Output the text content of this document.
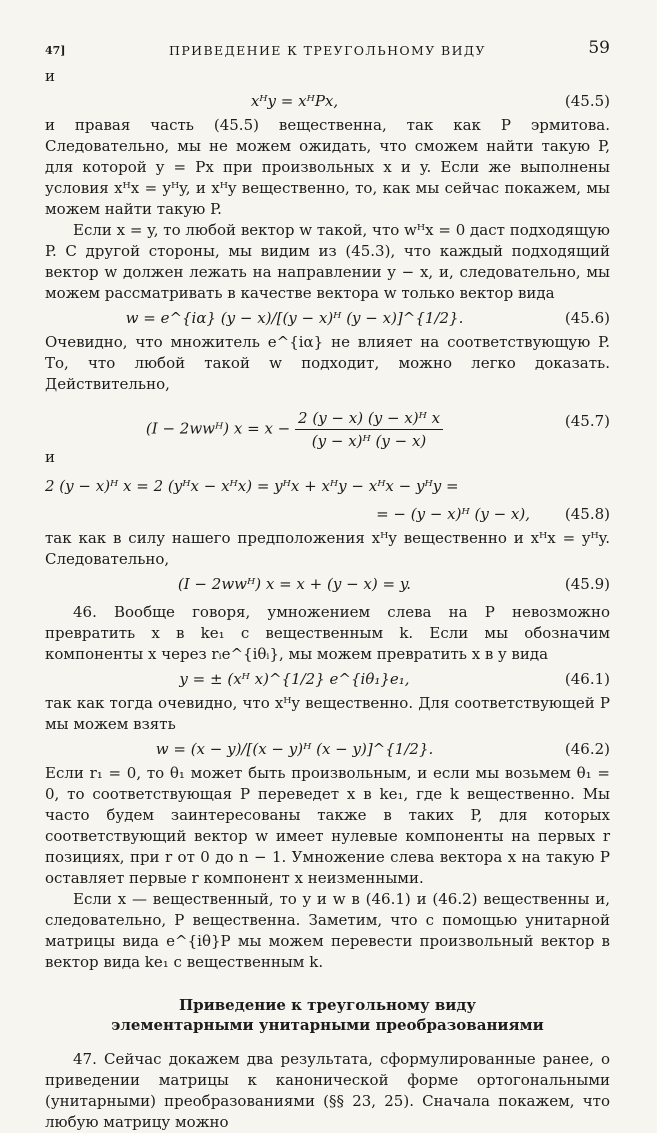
47]	ПРИВЕДЕНИЕ К ТРЕУГОЛЬНОМУ ВИДУ	59

и

xᴴy = xᴴPx,	(45.5)

и правая часть (45.5) вещественна, так как P эрмитова. Следовательно, мы не можем ожидать, что сможем найти такую P, для которой y = Px при произвольных x и y. Если же выполнены условия xᴴx = yᴴy, и xᴴy вещественно, то, как мы сейчас покажем, мы можем найти такую P.

Если x = y, то любой вектор w такой, что wᴴx = 0 даст подходящую P. С другой стороны, мы видим из (45.3), что каждый подходящий вектор w должен лежать на направлении y − x, и, следовательно, мы можем рассматривать в качестве вектора w только вектор вида

w = e^{iα} (y − x)/[(y − x)ᴴ (y − x)]^{1/2}.	(45.6)

Очевидно, что множитель e^{iα} не влияет на соответствующую P. То, что любой такой w подходит, можно легко доказать. Действительно,

(I − 2wwᴴ) $x = x - \frac{\text{2 (y − x) (y − x)ᴴ x}}{\text{(y − x)ᴴ (y − x)}}$	(45.7)

и

2 (y − x)ᴴ x = 2 (yᴴx − xᴴx) = yᴴx + xᴴy − xᴴx − yᴴy =
= − (y − x)ᴴ (y − x),	(45.8)

так как в силу нашего предположения xᴴy вещественно и xᴴx = yᴴy. Следовательно,

(I − 2wwᴴ) x = x + (y − x) = y.	(45.9)

46. Вообще говоря, умножением слева на P невозможно превратить x в ke₁ с вещественным k. Если мы обозначим компоненты x через rᵢe^{iθᵢ}, мы можем превратить x в y вида

y = ± (xᴴ x)^{1/2} e^{iθ₁}e₁,	(46.1)

так как тогда очевидно, что xᴴy вещественно. Для соответствующей P мы можем взять

w = (x − y)/[(x − y)ᴴ (x − y)]^{1/2}.	(46.2)

Если r₁ = 0, то θ₁ может быть произвольным, и если мы возьмем θ₁ = 0, то соответствующая P переведет x в ke₁, где k вещественно. Мы часто будем заинтересованы также в таких P, для которых соответствующий вектор w имеет нулевые компоненты на первых r позициях, при r от 0 до n − 1. Умножение слева вектора x на такую P оставляет первые r компонент x неизменными.

Если x — вещественный, то y и w в (46.1) и (46.2) вещественны и, следовательно, P вещественна. Заметим, что с помощью унитарной матрицы вида e^{iθ}P мы можем перевести произвольный вектор в вектор вида ke₁ с вещественным k.

Приведение к треугольному виду
элементарными унитарными преобразованиями

47. Сейчас докажем два результата, сформулированные ранее, о приведении матрицы к канонической форме ортогональными (унитарными) преобразованиями (§§ 23, 25). Сначала покажем, что любую матрицу можно
